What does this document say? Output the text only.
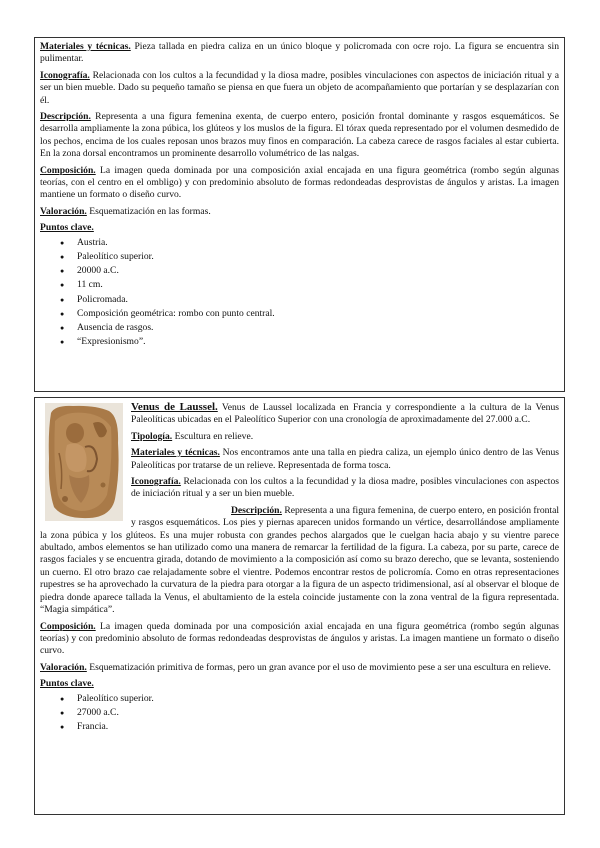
Materiales y técnicas. Pieza tallada en piedra caliza en un único bloque y policromada con ocre rojo. La figura se encuentra sin pulimentar.

Iconografía. Relacionada con los cultos a la fecundidad y la diosa madre, posibles vinculaciones con aspectos de iniciación ritual y a ser un bien mueble. Dado su pequeño tamaño se piensa en que fuera un objeto de acompañamiento que portarían y se desplazarían con él.

Descripción. Representa a una figura femenina exenta, de cuerpo entero, posición frontal dominante y rasgos esquemáticos. Se desarrolla ampliamente la zona púbica, los glúteos y los muslos de la figura. El tórax queda representado por el volumen desmedido de los pechos, encima de los cuales reposan unos brazos muy finos en comparación. La cabeza carece de rasgos faciales al estar cubierta. En la zona dorsal encontramos un prominente desarrollo volumétrico de las nalgas.

Composición. La imagen queda dominada por una composición axial encajada en una figura geométrica (rombo según algunas teorías, con el centro en el ombligo) y con predominio absoluto de formas redondeadas desprovistas de ángulos y aristas. La imagen mantiene un formato o diseño curvo.

Valoración. Esquematización en las formas.

Puntos clave.

● Austria.
● Paleolítico superior.
● 20000 a.C.
● 11 cm.
● Policromada.
● Composición geométrica: rombo con punto central.
● Ausencia de rasgos.
● “Expresionismo”.

Venus de Laussel. Venus de Laussel localizada en Francia y correspondiente a la cultura de la Venus Paleolíticas ubicadas en el Paleolítico Superior con una cronología de aproximadamente del 27.000 a.C.

Tipología. Escultura en relieve.

Materiales y técnicas. Nos encontramos ante una talla en piedra caliza, un ejemplo único dentro de las Venus Paleolíticas por tratarse de un relieve. Representada de forma tosca.

Iconografía. Relacionada con los cultos a la fecundidad y la diosa madre, posibles vinculaciones con aspectos de iniciación ritual y a ser un bien mueble.

Descripción. Representa a una figura femenina, de cuerpo entero, en posición frontal y rasgos esquemáticos. Los pies y piernas aparecen unidos formando un vértice, desarrollándose ampliamente la zona púbica y los glúteos. Es una mujer robusta con grandes pechos alargados que le cuelgan hacia abajo y su vientre parece abultado, ambos elementos se han utilizado como una manera de remarcar la fertilidad de la figura. La cabeza, por su parte, carece de rasgos faciales y se encuentra girada, dotando de movimiento a la composición así como su brazo derecho, que se levanta, sosteniendo un cuerno. El otro brazo cae relajadamente sobre el vientre. Podemos encontrar restos de policromía. Como en otras representaciones rupestres se ha aprovechado la curvatura de la piedra para otorgar a la figura de un aspecto tridimensional, así al observar el bloque de piedra donde aparece tallada la Venus, el abultamiento de la estela coincide justamente con la zona ventral de la figura representada. “Magia simpática”.

Composición. La imagen queda dominada por una composición axial encajada en una figura geométrica (rombo según algunas teorías) y con predominio absoluto de formas redondeadas desprovistas de ángulos y aristas. La imagen mantiene un formato o diseño curvo.

Valoración. Esquematización primitiva de formas, pero un gran avance por el uso de movimiento pese a ser una escultura en relieve.

Puntos clave.

● Paleolítico superior.
● 27000 a.C.
● Francia.
